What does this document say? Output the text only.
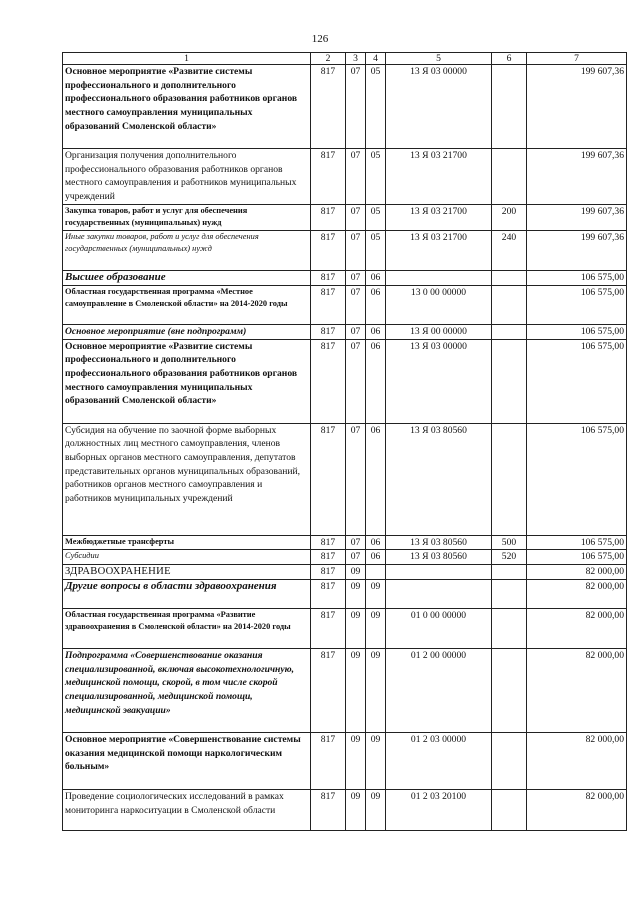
126
1	2	3	4	5	6	7
Основное мероприятие «Развитие системы профессионального и дополнительного профессионального образования работников органов местного самоуправления муниципальных образований Смоленской области»	817	07	05	13 Я 03 00000		199 607,36
Организация получения дополнительного профессионального образования работников органов местного самоуправления и работников муниципальных учреждений	817	07	05	13 Я 03 21700		199 607,36
Закупка товаров, работ и услуг для обеспечения государственных (муниципальных) нужд	817	07	05	13 Я 03 21700	200	199 607,36
Иные закупки товаров, работ и услуг для обеспечения государственных (муниципальных) нужд	817	07	05	13 Я 03 21700	240	199 607,36
Высшее образование	817	07	06			106 575,00
Областная государственная программа «Местное самоуправление в Смоленской области» на 2014-2020 годы	817	07	06	13 0 00 00000		106 575,00
Основное мероприятие (вне подпрограмм)	817	07	06	13 Я 00 00000		106 575,00
Основное мероприятие «Развитие системы профессионального и дополнительного профессионального образования работников органов местного самоуправления муниципальных образований Смоленской области»	817	07	06	13 Я 03 00000		106 575,00
Субсидия на обучение по заочной форме выборных должностных лиц местного самоуправления, членов выборных органов местного самоуправления, депутатов представительных органов муниципальных образований, работников органов местного самоуправления и работников муниципальных учреждений	817	07	06	13 Я 03 80560		106 575,00
Межбюджетные трансферты	817	07	06	13 Я 03 80560	500	106 575,00
Субсидии	817	07	06	13 Я 03 80560	520	106 575,00
ЗДРАВООХРАНЕНИЕ	817	09				82 000,00
Другие вопросы в области здравоохранения	817	09	09			82 000,00
Областная государственная программа «Развитие здравоохранения в Смоленской области» на 2014-2020 годы	817	09	09	01 0 00 00000		82 000,00
Подпрограмма «Совершенствование оказания специализированной, включая высокотехнологичную, медицинской помощи, скорой, в том числе скорой специализированной, медицинской помощи, медицинской эвакуации»	817	09	09	01 2 00 00000		82 000,00
Основное мероприятие «Совершенствование системы оказания медицинской помощи наркологическим больным»	817	09	09	01 2 03 00000		82 000,00
Проведение социологических исследований в рамках мониторинга наркоситуации в Смоленской области	817	09	09	01 2 03 20100		82 000,00
